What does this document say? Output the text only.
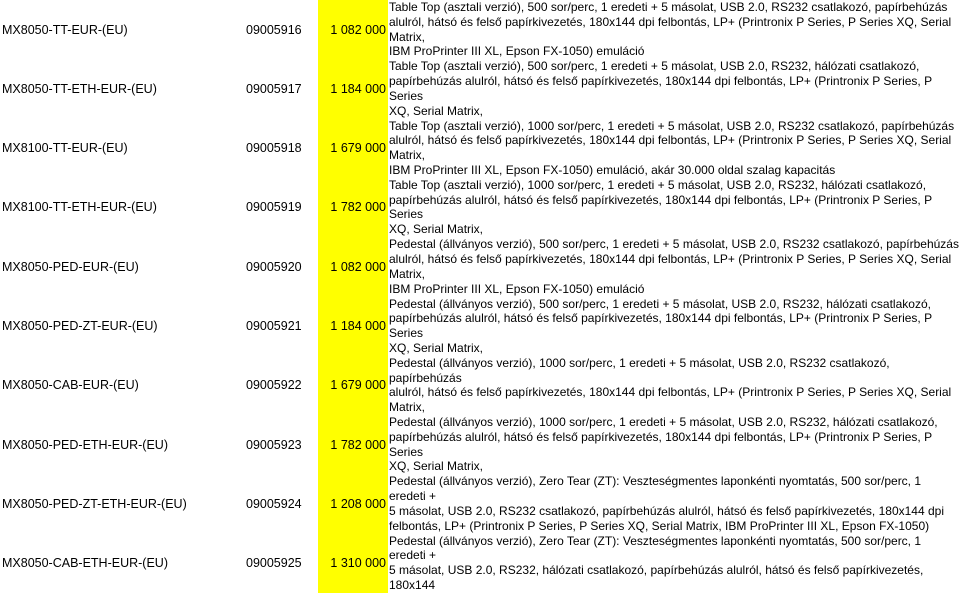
MX8050-TT-EUR-(EU)	09005916	1 082 000
Table Top (asztali verzió), 500 sor/perc, 1 eredeti + 5 másolat, USB 2.0, RS232 csatlakozó, papírbehúzás
alulról, hátsó és felső papírkivezetés, 180x144 dpi felbontás, LP+ (Printronix P Series, P Series XQ, Serial
Matrix,
IBM ProPrinter III XL, Epson FX-1050) emuláció
MX8050-TT-ETH-EUR-(EU)	09005917	1 184 000
Table Top (asztali verzió), 500 sor/perc, 1 eredeti + 5 másolat, USB 2.0, RS232, hálózati csatlakozó,
papírbehúzás alulról, hátsó és felső papírkivezetés, 180x144 dpi felbontás, LP+ (Printronix P Series, P Series
XQ, Serial Matrix,
MX8100-TT-EUR-(EU)	09005918	1 679 000
Table Top (asztali verzió), 1000 sor/perc, 1 eredeti + 5 másolat, USB 2.0, RS232 csatlakozó, papírbehúzás
alulról, hátsó és felső papírkivezetés, 180x144 dpi felbontás, LP+ (Printronix P Series, P Series XQ, Serial
Matrix,
IBM ProPrinter III XL, Epson FX-1050) emuláció, akár 30.000 oldal szalag kapacitás
MX8100-TT-ETH-EUR-(EU)	09005919	1 782 000
Table Top (asztali verzió), 1000 sor/perc, 1 eredeti + 5 másolat, USB 2.0, RS232, hálózati csatlakozó,
papírbehúzás alulról, hátsó és felső papírkivezetés, 180x144 dpi felbontás, LP+ (Printronix P Series, P Series
XQ, Serial Matrix,
MX8050-PED-EUR-(EU)	09005920	1 082 000
Pedestal (állványos verzió), 500 sor/perc, 1 eredeti + 5 másolat, USB 2.0, RS232 csatlakozó, papírbehúzás
alulról, hátsó és felső papírkivezetés, 180x144 dpi felbontás, LP+ (Printronix P Series, P Series XQ, Serial
Matrix,
IBM ProPrinter III XL, Epson FX-1050) emuláció
MX8050-PED-ZT-EUR-(EU)	09005921	1 184 000
Pedestal (állványos verzió), 500 sor/perc, 1 eredeti + 5 másolat, USB 2.0, RS232, hálózati csatlakozó,
papírbehúzás alulról, hátsó és felső papírkivezetés, 180x144 dpi felbontás, LP+ (Printronix P Series, P Series
XQ, Serial Matrix,
MX8050-CAB-EUR-(EU)	09005922	1 679 000
Pedestal (állványos verzió), 1000 sor/perc, 1 eredeti + 5 másolat, USB 2.0, RS232 csatlakozó, papírbehúzás
alulról, hátsó és felső papírkivezetés, 180x144 dpi felbontás, LP+ (Printronix P Series, P Series XQ, Serial
Matrix,
MX8050-PED-ETH-EUR-(EU)	09005923	1 782 000
Pedestal (állványos verzió), 1000 sor/perc, 1 eredeti + 5 másolat, USB 2.0, RS232, hálózati csatlakozó,
papírbehúzás alulról, hátsó és felső papírkivezetés, 180x144 dpi felbontás, LP+ (Printronix P Series, P Series
XQ, Serial Matrix,
MX8050-PED-ZT-ETH-EUR-(EU)	09005924	1 208 000
Pedestal (állványos verzió), Zero Tear (ZT): Veszteségmentes laponkénti nyomtatás, 500 sor/perc, 1 eredeti +
5 másolat, USB 2.0, RS232 csatlakozó, papírbehúzás alulról, hátsó és felső papírkivezetés, 180x144 dpi
felbontás, LP+ (Printronix P Series, P Series XQ, Serial Matrix, IBM ProPrinter III XL, Epson FX-1050)
MX8050-CAB-ETH-EUR-(EU)	09005925	1 310 000
Pedestal (állványos verzió), Zero Tear (ZT): Veszteségmentes laponkénti nyomtatás, 500 sor/perc, 1 eredeti +
5 másolat, USB 2.0, RS232, hálózati csatlakozó, papírbehúzás alulról, hátsó és felső papírkivezetés, 180x144
